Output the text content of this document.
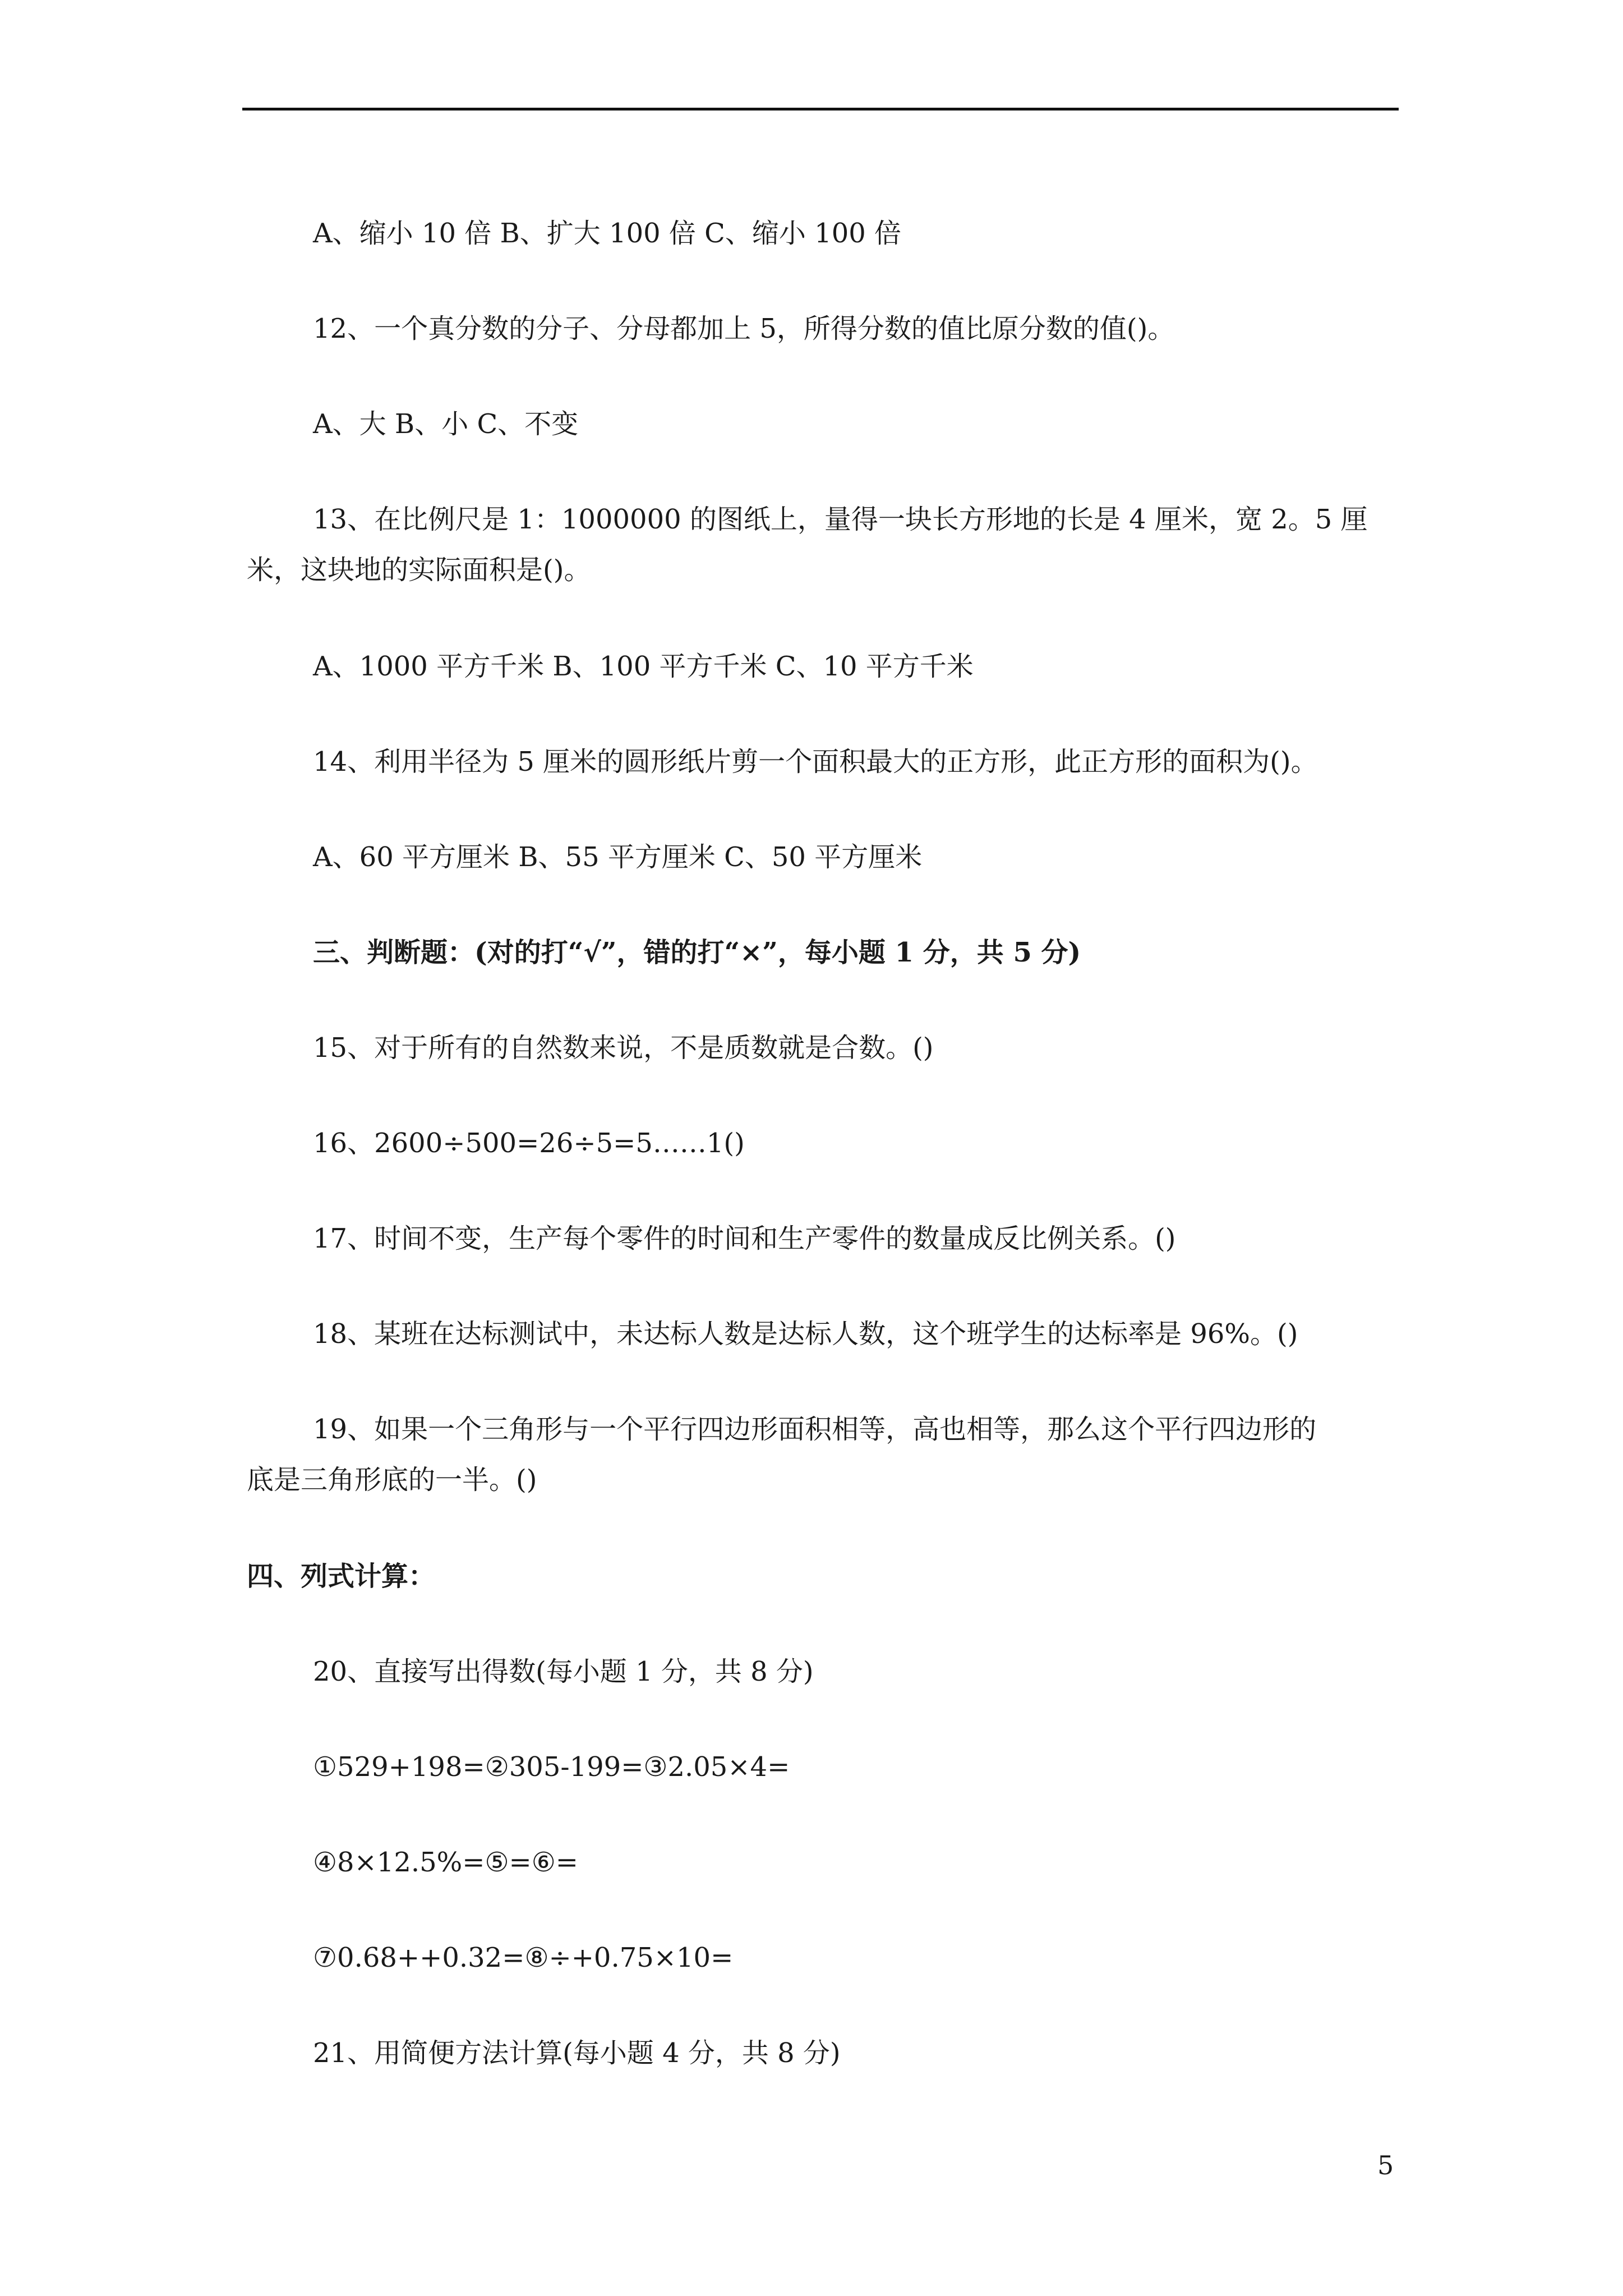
A、缩小 10 倍 B、扩大 100 倍 C、缩小 100 倍
12、一个真分数的分子、分母都加上 5，所得分数的值比原分数的值()。
A、大 B、小 C、不变
13、在比例尺是 1：1000000 的图纸上，量得一块长方形地的长是 4 厘米，宽 2。5 厘
米，这块地的实际面积是()。
A、1000 平方千米 B、100 平方千米 C、10 平方千米
14、利用半径为 5 厘米的圆形纸片剪一个面积最大的正方形，此正方形的面积为()。
A、60 平方厘米 B、55 平方厘米 C、50 平方厘米
三、判断题：(对的打“√”，错的打“×”，每小题 1 分，共 5 分)
15、对于所有的自然数来说，不是质数就是合数。()
16、2600÷500=26÷5=5……1()
17、时间不变，生产每个零件的时间和生产零件的数量成反比例关系。()
18、某班在达标测试中，未达标人数是达标人数，这个班学生的达标率是 96%。()
19、如果一个三角形与一个平行四边形面积相等，高也相等，那么这个平行四边形的
底是三角形底的一半。()
四、列式计算：
20、直接写出得数(每小题 1 分，共 8 分)
①529+198=②305-199=③2.05×4=
④8×12.5%=⑤=⑥=
⑦0.68++0.32=⑧÷+0.75×10=
21、用简便方法计算(每小题 4 分，共 8 分)
5
